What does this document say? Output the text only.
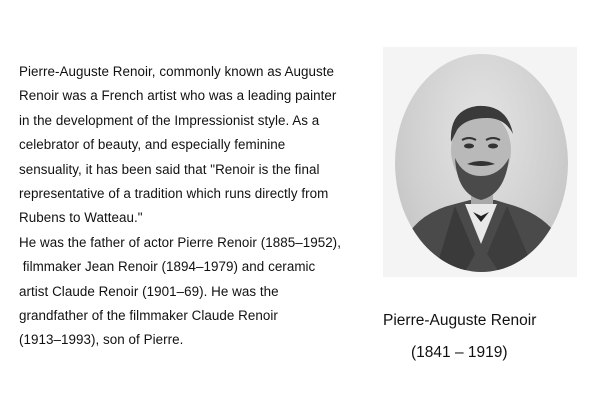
Pierre-Auguste Renoir, commonly known as Auguste
Renoir was a French artist who was a leading painter
in the development of the Impressionist style. As a
celebrator of beauty, and especially feminine
sensuality, it has been said that "Renoir is the final
representative of a tradition which runs directly from
Rubens to Watteau."
He was the father of actor Pierre Renoir (1885–1952),
filmmaker Jean Renoir (1894–1979) and ceramic
artist Claude Renoir (1901–69). He was the
grandfather of the filmmaker Claude Renoir
(1913–1993), son of Pierre.
Pierre-Auguste Renoir
(1841 – 1919)
